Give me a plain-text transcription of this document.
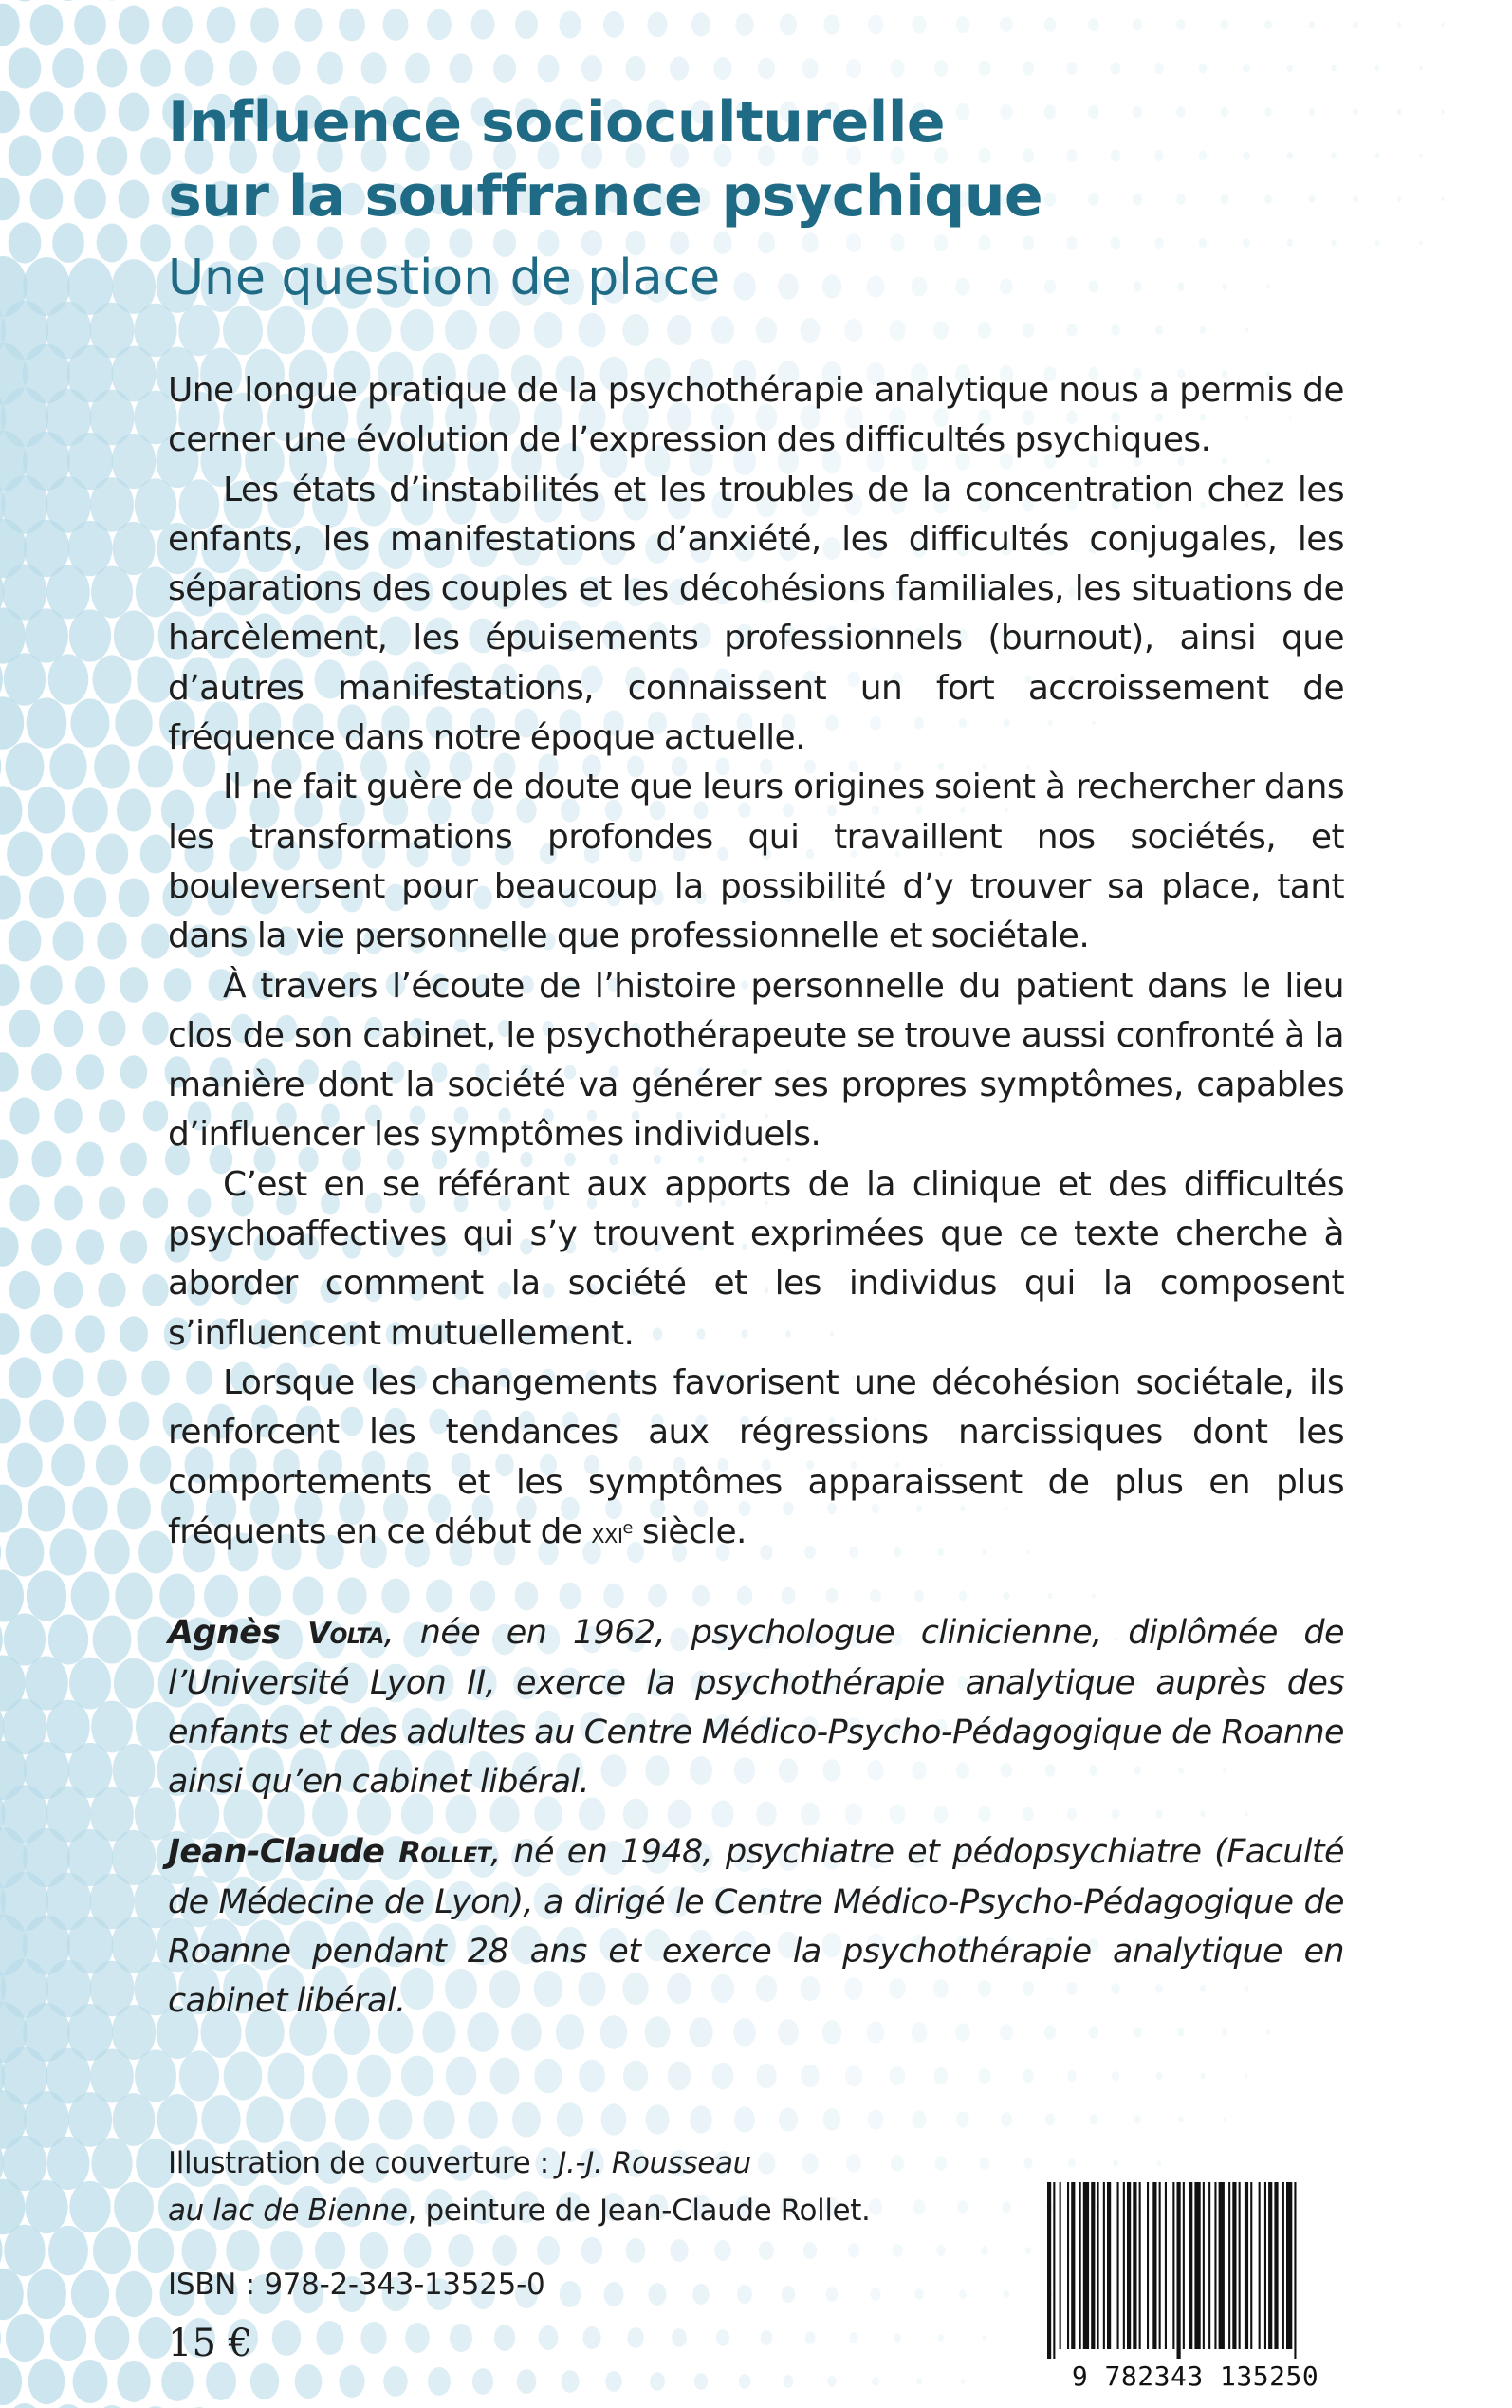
Influence socioculturelle
sur la souffrance psychique
Une question de place

Une longue pratique de la psychothérapie analytique nous a permis de cerner une évolution de l’expression des difficultés psychiques.

Les états d’instabilités et les troubles de la concentration chez les enfants, les manifestations d’anxiété, les difficultés conjugales, les séparations des couples et les décohésions familiales, les situations de harcèlement, les épuisements professionnels (burnout), ainsi que d’autres manifestations, connaissent un fort accroissement de fréquence dans notre époque actuelle.

Il ne fait guère de doute que leurs origines soient à rechercher dans les transformations profondes qui travaillent nos sociétés, et bouleversent pour beaucoup la possibilité d’y trouver sa place, tant dans la vie personnelle que professionnelle et sociétale.

À travers l’écoute de l’histoire personnelle du patient dans le lieu clos de son cabinet, le psychothérapeute se trouve aussi confronté à la manière dont la société va générer ses propres symptômes, capables d’influencer les symptômes individuels.

C’est en se référant aux apports de la clinique et des difficultés psychoaffectives qui s’y trouvent exprimées que ce texte cherche à aborder comment la société et les individus qui la composent s’influencent mutuellement.

Lorsque les changements favorisent une décohésion sociétale, ils renforcent les tendances aux régressions narcissiques dont les comportements et les symptômes apparaissent de plus en plus fréquents en ce début de xxi$^e$ siècle.

Agnès Volta, née en 1962, psychologue clinicienne, diplômée de l’Université Lyon II, exerce la psychothérapie analytique auprès des enfants et des adultes au Centre Médico-Psycho-Pédagogique de Roanne ainsi qu’en cabinet libéral.

Jean-Claude Rollet, né en 1948, psychiatre et pédopsychiatre (Faculté de Médecine de Lyon), a dirigé le Centre Médico-Psycho-Pédagogique de Roanne pendant 28 ans et exerce la psychothérapie analytique en cabinet libéral.

Illustration de couverture : J.-J. Rousseau
au lac de Bienne, peinture de Jean-Claude Rollet.
ISBN : 978-2-343-13525-0
15 €
9 782343 135250
